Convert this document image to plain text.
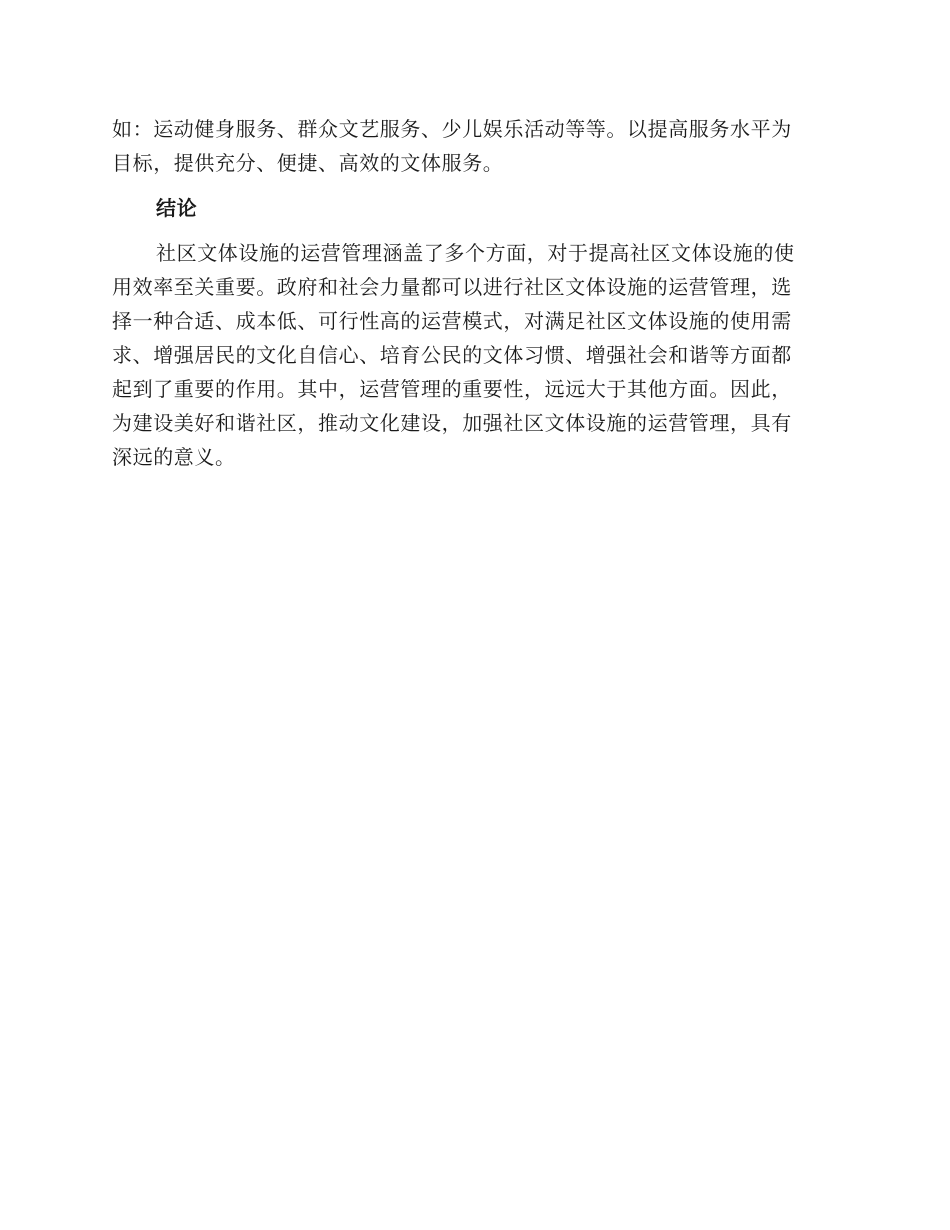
如：运动健身服务、群众文艺服务、少儿娱乐活动等等。以提高服务水平为

目标，提供充分、便捷、高效的文体服务。

结论

社区文体设施的运营管理涵盖了多个方面，对于提高社区文体设施的使

用效率至关重要。政府和社会力量都可以进行社区文体设施的运营管理，选

择一种合适、成本低、可行性高的运营模式，对满足社区文体设施的使用需

求、增强居民的文化自信心、培育公民的文体习惯、增强社会和谐等方面都

起到了重要的作用。其中，运营管理的重要性，远远大于其他方面。因此，

为建设美好和谐社区，推动文化建设，加强社区文体设施的运营管理，具有

深远的意义。
